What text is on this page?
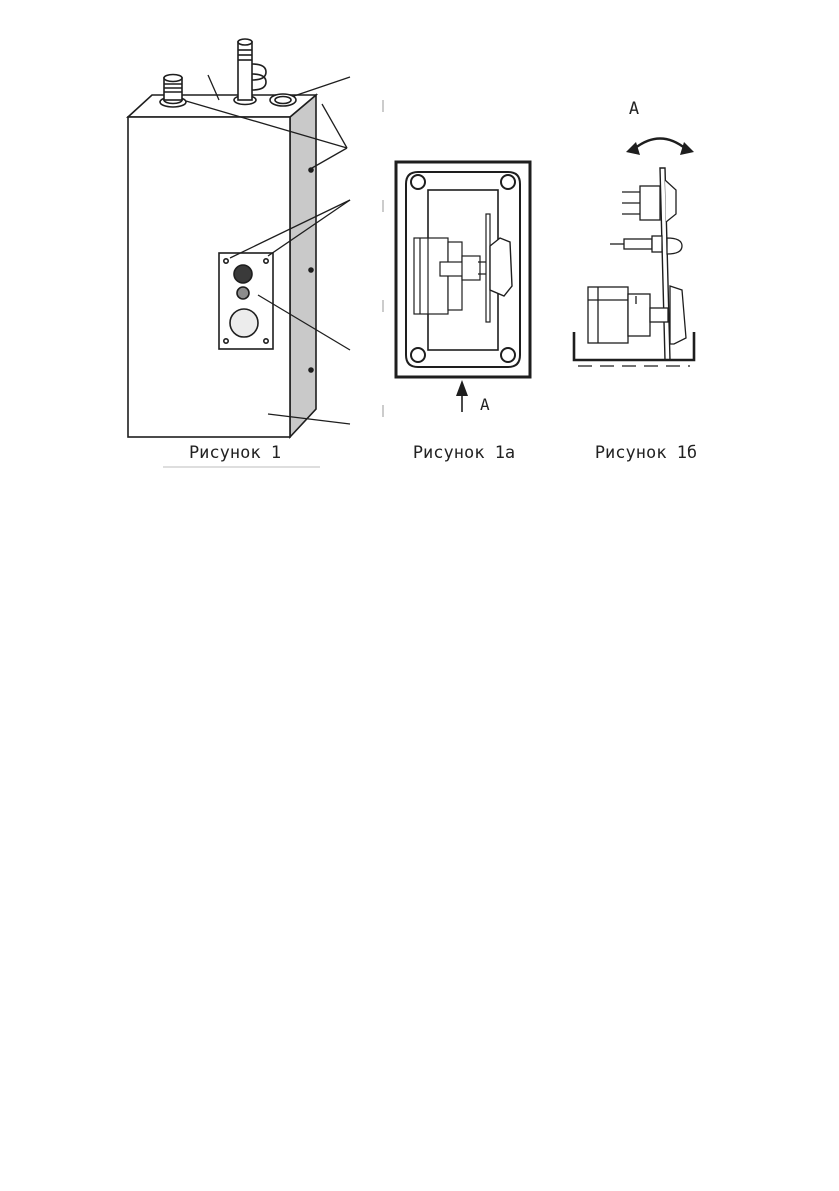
Рисунок 1
А
Рисунок 1а
А
Рисунок 1б
